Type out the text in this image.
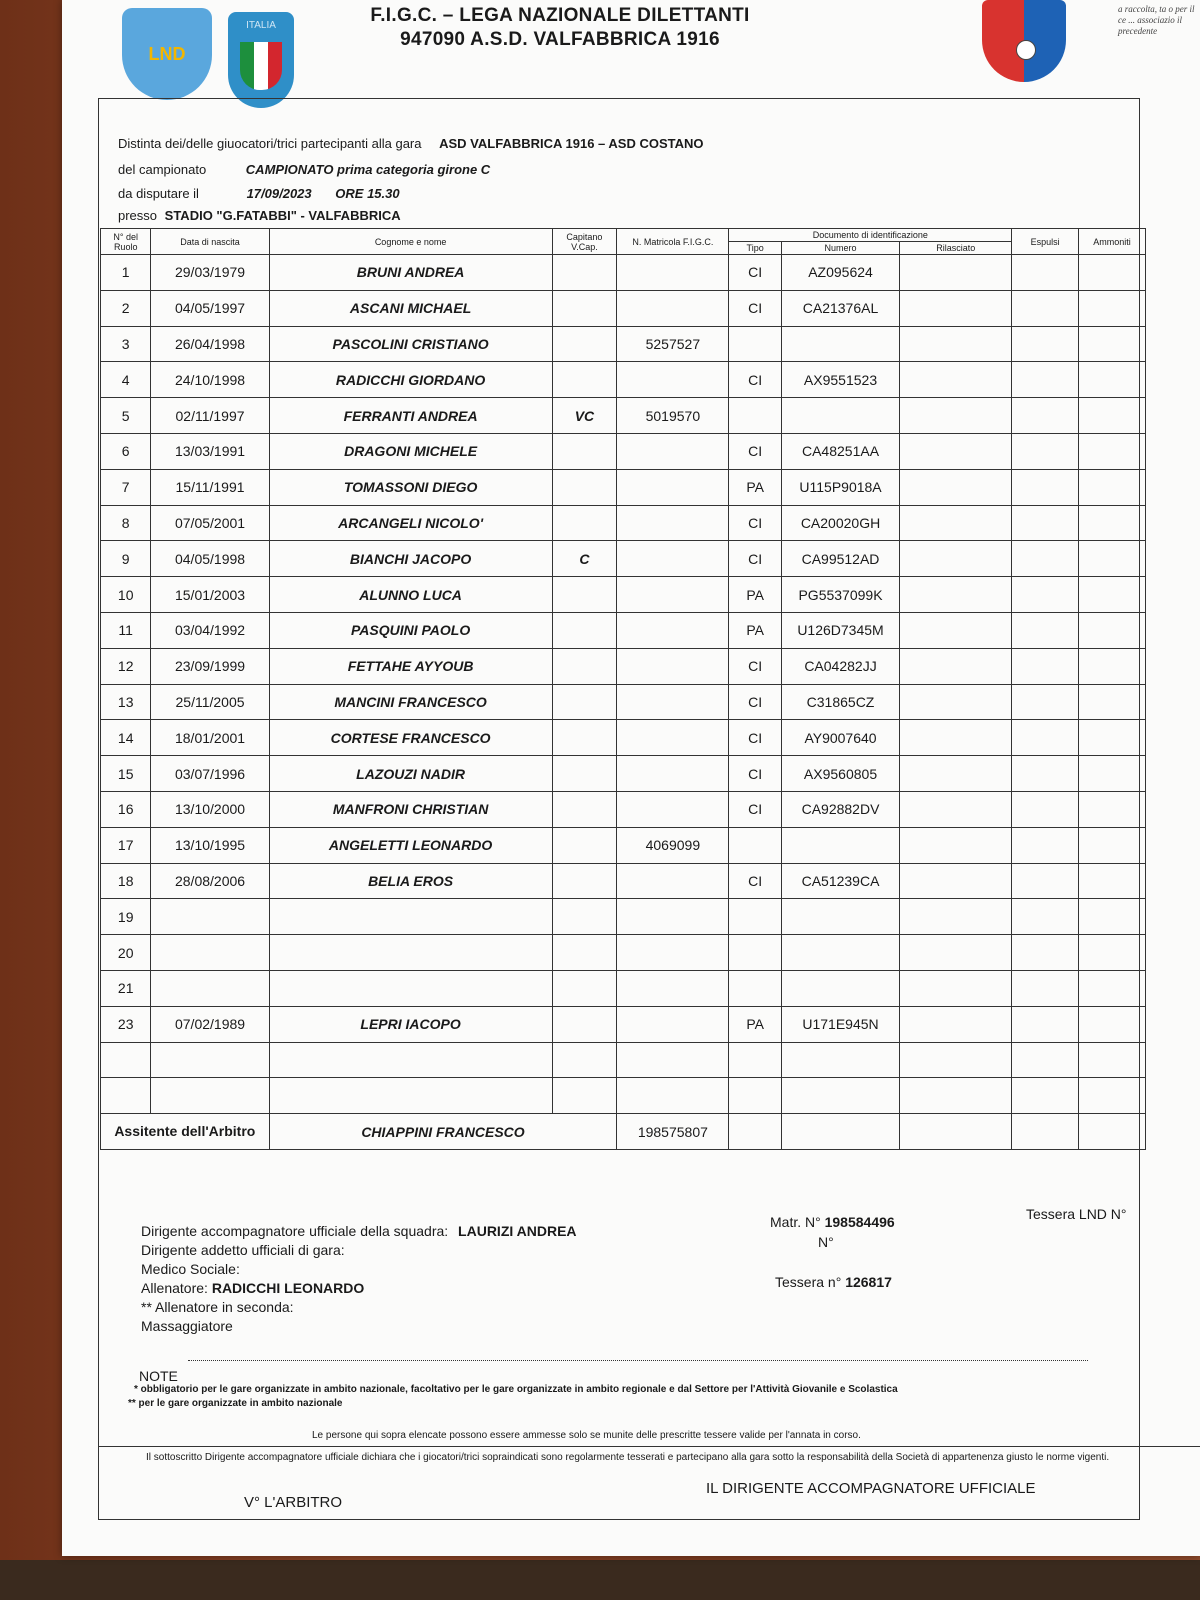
LND
ITALIA	F.I.G.C. – LEGA NAZIONALE DILETTANTI
947090 A.S.D. VALFABBRICA 1916
a raccolta, ta o per il ce ... associazio il precedente
Distinta dei/delle giuocatori/trici partecipanti alla gara ASD VALFABBRICA 1916 – ASD COSTANO
del campionato	CAMPIONATO prima categoria girone C
da disputare il	17/09/2023 ORE 15.30
presso STADIO "G.FATABBI" - VALFABBRICA
N° del Ruolo	Data di nascita	Cognome e nome	Capitano V.Cap.	N. Matricola F.I.G.C.	Documento di identificazione			Espulsi	Ammoniti
					Tipo	Numero	Rilasciato		
1	29/03/1979	BRUNI ANDREA			CI	AZ095624			
2	04/05/1997	ASCANI MICHAEL			CI	CA21376AL			
3	26/04/1998	PASCOLINI CRISTIANO		5257527					
4	24/10/1998	RADICCHI GIORDANO			CI	AX9551523			
5	02/11/1997	FERRANTI ANDREA	VC	5019570					
6	13/03/1991	DRAGONI MICHELE			CI	CA48251AA			
7	15/11/1991	TOMASSONI DIEGO			PA	U115P9018A			
8	07/05/2001	ARCANGELI NICOLO'			CI	CA20020GH			
9	04/05/1998	BIANCHI JACOPO	C		CI	CA99512AD			
10	15/01/2003	ALUNNO LUCA			PA	PG5537099K			
11	03/04/1992	PASQUINI PAOLO			PA	U126D7345M			
12	23/09/1999	FETTAHE AYYOUB			CI	CA04282JJ			
13	25/11/2005	MANCINI FRANCESCO			CI	C31865CZ			
14	18/01/2001	CORTESE FRANCESCO			CI	AY9007640			
15	03/07/1996	LAZOUZI NADIR			CI	AX9560805			
16	13/10/2000	MANFRONI CHRISTIAN			CI	CA92882DV			
17	13/10/1995	ANGELETTI LEONARDO		4069099					
18	28/08/2006	BELIA EROS			CI	CA51239CA			
19									
20									
21									
23	07/02/1989	LEPRI IACOPO			PA	U171E945N			

Assitente dell'Arbitro		CHIAPPINI FRANCESCO		198575807					
Dirigente accompagnatore ufficiale della squadra: LAURIZI ANDREA
Dirigente addetto ufficiali di gara:
Medico Sociale:
Allenatore: RADICCHI LEONARDO
** Allenatore in seconda:
Massaggiatore
Matr. N° 198584496
N°
Tessera LND N°
Tessera n° 126817
NOTE
* obbligatorio per le gare organizzate in ambito nazionale, facoltativo per le gare organizzate in ambito regionale e dal Settore per l'Attività Giovanile e Scolastica
** per le gare organizzate in ambito nazionale
Le persone qui sopra elencate possono essere ammesse solo se munite delle prescritte tessere valide per l'annata in corso.
Il sottoscritto Dirigente accompagnatore ufficiale dichiara che i giocatori/trici sopraindicati sono regolarmente tesserati e partecipano alla gara sotto la responsabilità della Società di appartenenza giusto le norme vigenti.
V° L'ARBITRO
IL DIRIGENTE ACCOMPAGNATORE UFFICIALE
